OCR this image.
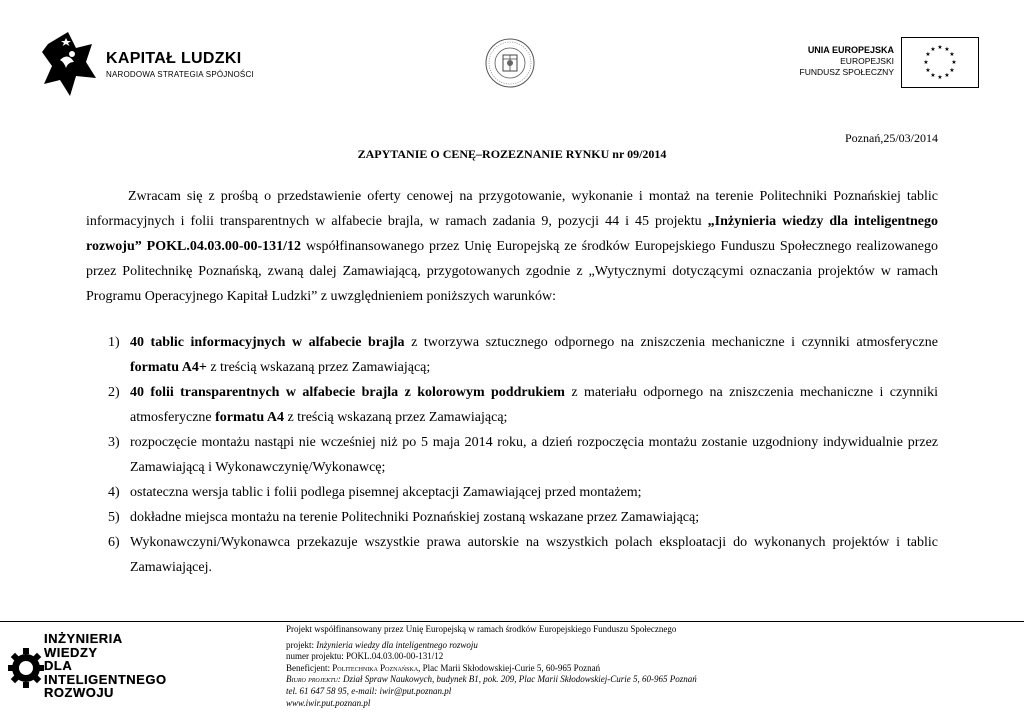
KAPITAŁ LUDZKI
NARODOWA STRATEGIA SPÓJNOŚCI
UNIA EUROPEJSKA
EUROPEJSKI
FUNDUSZ SPOŁECZNY
★ ★
★
★
★
★
★
★
★
★
★
★
Poznań,25/03/2014
ZAPYTANIE O CENĘ–ROZEZNANIE RYNKU nr 09/2014
Zwracam się z prośbą o przedstawienie oferty cenowej na przygotowanie, wykonanie i montaż na terenie Politechniki Poznańskiej tablic informacyjnych i folii transparentnych w alfabecie brajla, w ramach zadania 9, pozycji 44 i 45 projektu „Inżynieria wiedzy dla inteligentnego rozwoju” POKL.04.03.00-00-131/12 współfinansowanego przez Unię Europejską ze środków Europejskiego Funduszu Społecznego realizowanego przez Politechnikę Poznańską, zwaną dalej Zamawiającą, przygotowanych zgodnie z „Wytycznymi dotyczącymi oznaczania projektów w ramach Programu Operacyjnego Kapitał Ludzki” z uwzględnieniem poniższych warunków:
1) 40 tablic informacyjnych w alfabecie brajla z tworzywa sztucznego odpornego na zniszczenia mechaniczne i czynniki atmosferyczne formatu A4+ z treścią wskazaną przez Zamawiającą;
2) 40 folii transparentnych w alfabecie brajla z kolorowym poddrukiem z materiału odpornego na zniszczenia mechaniczne i czynniki atmosferyczne formatu A4 z treścią wskazaną przez Zamawiającą;
3) rozpoczęcie montażu nastąpi nie wcześniej niż po 5 maja 2014 roku, a dzień rozpoczęcia montażu zostanie uzgodniony indywidualnie przez Zamawiającą i Wykonawczynię/Wykonawcę;
4) ostateczna wersja tablic i folii podlega pisemnej akceptacji Zamawiającej przed montażem;
5) dokładne miejsca montażu na terenie Politechniki Poznańskiej zostaną wskazane przez Zamawiającą;
6) Wykonawczyni/Wykonawca przekazuje wszystkie prawa autorskie na wszystkich polach eksploatacji do wykonanych projektów i tablic Zamawiającej.
INŻYNIERIA
WIEDZY
DLA
INTELIGENTNEGO
ROZWOJU
Projekt współfinansowany przez Unię Europejską w ramach środków Europejskiego Funduszu Społecznego
projekt: Inżynieria wiedzy dla inteligentnego rozwoju
numer projektu: POKL.04.03.00-00-131/12
Beneficjent: Politechnika Poznańska, Plac Marii Skłodowskiej-Curie 5, 60-965 Poznań
Biuro projektu: Dział Spraw Naukowych, budynek B1, pok. 209, Plac Marii Skłodowskiej-Curie 5, 60-965 Poznań
tel. 61 647 58 95, e-mail: iwir@put.poznan.pl
www.iwir.put.poznan.pl
